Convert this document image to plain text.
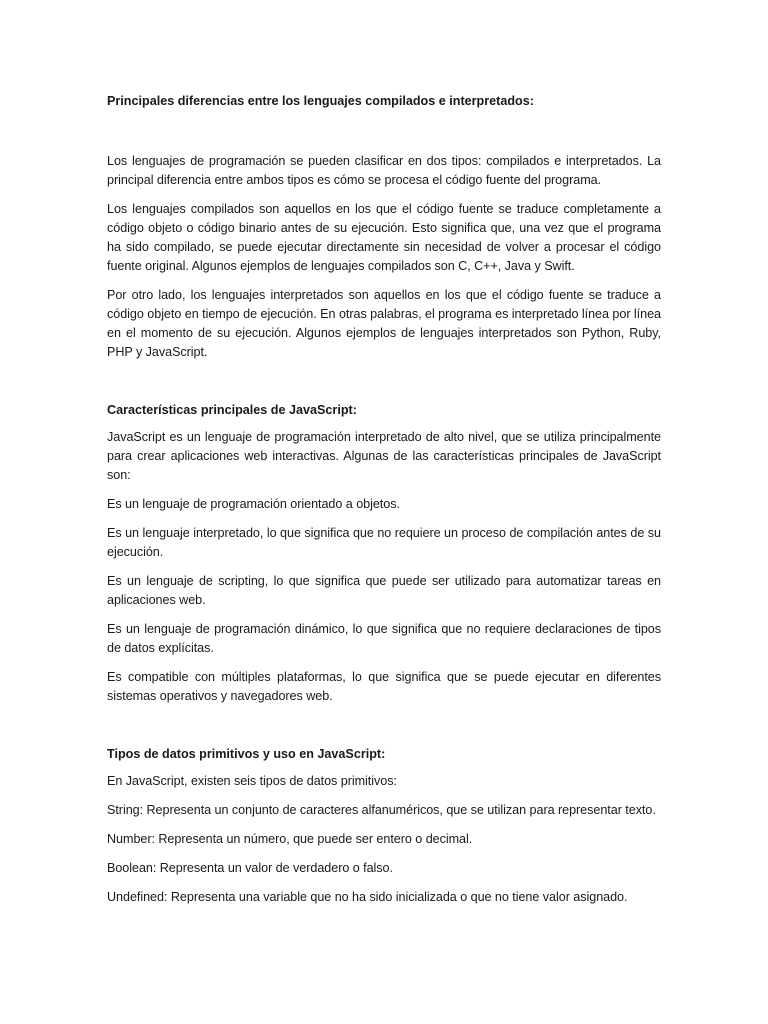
Principales diferencias entre los lenguajes compilados e interpretados:

Los lenguajes de programación se pueden clasificar en dos tipos: compilados e interpretados. La principal diferencia entre ambos tipos es cómo se procesa el código fuente del programa.

Los lenguajes compilados son aquellos en los que el código fuente se traduce completamente a código objeto o código binario antes de su ejecución. Esto significa que, una vez que el programa ha sido compilado, se puede ejecutar directamente sin necesidad de volver a procesar el código fuente original. Algunos ejemplos de lenguajes compilados son C, C++, Java y Swift.

Por otro lado, los lenguajes interpretados son aquellos en los que el código fuente se traduce a código objeto en tiempo de ejecución. En otras palabras, el programa es interpretado línea por línea en el momento de su ejecución. Algunos ejemplos de lenguajes interpretados son Python, Ruby, PHP y JavaScript.

Características principales de JavaScript:

JavaScript es un lenguaje de programación interpretado de alto nivel, que se utiliza principalmente para crear aplicaciones web interactivas. Algunas de las características principales de JavaScript son:

Es un lenguaje de programación orientado a objetos.

Es un lenguaje interpretado, lo que significa que no requiere un proceso de compilación antes de su ejecución.

Es un lenguaje de scripting, lo que significa que puede ser utilizado para automatizar tareas en aplicaciones web.

Es un lenguaje de programación dinámico, lo que significa que no requiere declaraciones de tipos de datos explícitas.

Es compatible con múltiples plataformas, lo que significa que se puede ejecutar en diferentes sistemas operativos y navegadores web.

Tipos de datos primitivos y uso en JavaScript:

En JavaScript, existen seis tipos de datos primitivos:

String: Representa un conjunto de caracteres alfanuméricos, que se utilizan para representar texto.

Number: Representa un número, que puede ser entero o decimal.

Boolean: Representa un valor de verdadero o falso.

Undefined: Representa una variable que no ha sido inicializada o que no tiene valor asignado.
